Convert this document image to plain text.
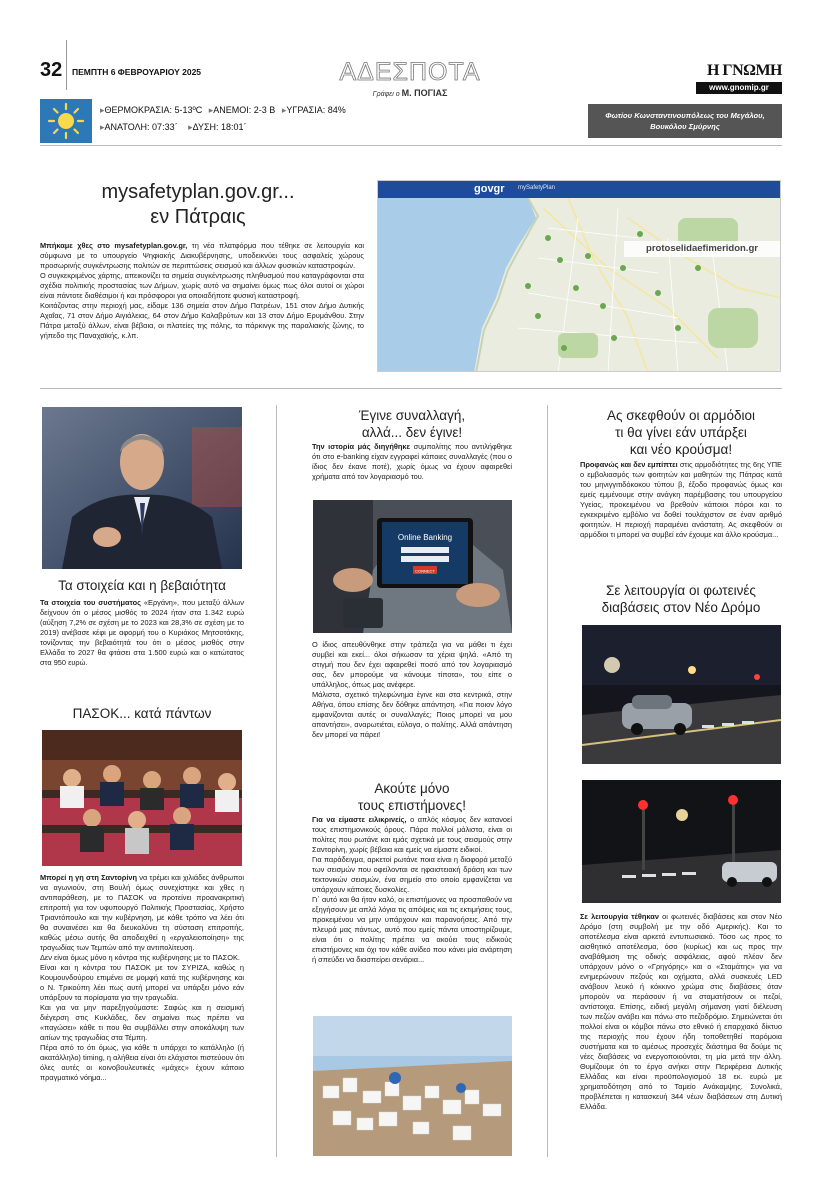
32 ΠΕΜΠΤΗ 6 ΦΕΒΡΟΥΑΡΙΟΥ 2025	ΑΔΕΣΠΟΤΑ
Γράφει ο Μ. ΠΟΓΙΑΣ
Η ΓΝΩΜΗ
www.gnomip.gr
▸ΘΕΡΜΟΚΡΑΣΙΑ: 5-13ºC ▸ΑΝΕΜΟΙ: 2-3 Β ▸ΥΓΡΑΣΙΑ: 84%
▸ΑΝΑΤΟΛΗ: 07:33΄ ▸ΔΥΣΗ: 18:01΄
Φωτίου Κωνσταντινουπόλεως του Μεγάλου, Βουκόλου Σμύρνης
mysafetyplan.gov.gr...
εν Πάτραις

Μπήκαμε χθες στο mysafetyplan.gov.gr, τη νέα πλατφόρμα που τέθηκε σε λειτουργία και σύμφωνα με το υπουργείο Ψηφιακής Διακυβέρνησης, υποδεικνύει τους ασφαλείς χώρους προσωρινής συγκέντρωσης πολιτών σε περιπτώσεις σεισμού και άλλων φυσικών καταστροφών.

Ο συγκεκριμένος χάρτης, απεικονίζει τα σημεία συγκέντρωσης πληθυσμού που καταγράφονται στα σχέδια πολιτικής προστασίας των Δήμων, χωρίς αυτό να σημαίνει όμως πως όλοι αυτοί οι χώροι είναι πάντοτε διαθέσιμοι ή και πρόσφοροι για οποιαδήποτε φυσική καταστροφή.

Κοιτάζοντας στην περιοχή μας, είδαμε 136 σημεία στον Δήμο Πατρέων, 151 στον Δήμο Δυτικής Αχαΐας, 71 στον Δήμο Αιγιάλειας, 64 στον Δήμο Καλαβρύτων και 13 στον Δήμο Ερυμάνθου. Στην Πάτρα μεταξύ άλλων, είναι βέβαια, οι πλατείες της πόλης, τα πάρκινγκ της παραλιακής ζώνης, το γήπεδο της Παναχαϊκής, κ.λπ.

govgr mySafetyPlan
protoselidaefimeridon.gr
Τα στοιχεία και η βεβαιότητα

Τα στοιχεία του συστήματος «Εργάνη», που μεταξύ άλλων δείχνουν ότι ο μέσος μισθός το 2024 ήταν στα 1.342 ευρώ (αύξηση 7,2% σε σχέση με το 2023 και 28,3% σε σχέση με το 2019) ανέβασε κέφι με αφορμή του ο Κυριάκος Μητσοτάκης, τονίζοντας την βεβαιότητά του ότι ο μέσος μισθός στην Ελλάδα το 2027 θα φτάσει στα 1.500 ευρώ και ο κατώτατος στα 950 ευρώ.

ΠΑΣΟΚ... κατά πάντων

Μπορεί η γη στη Σαντορίνη να τρέμει και χιλιάδες άνθρωποι να αγωνιούν, στη Βουλή όμως συνεχίστηκε και χθες η αντιπαράθεση, με το ΠΑΣΟΚ να προτείνει προανακριτική επιτροπή για τον υφυπουργό Πολιτικής Προστασίας, Χρήστο Τριαντόπουλο και την κυβέρνηση, με κάθε τρόπο να λέει ότι θα συναινέσει και θα διευκολύνει τη σύσταση επιτροπής, καθώς μέσω αυτής θα αποδειχθεί η «εργαλειοποίηση» της τραγωδίας των Τεμπών από την αντιπολίτευση.

Δεν είναι όμως μόνο η κόντρα της κυβέρνησης με το ΠΑΣΟΚ.

Είναι και η κόντρα του ΠΑΣΟΚ με τον ΣΥΡΙΖΑ, καθώς η Κουμουνδούρου επιμένει σε μομφή κατά της κυβέρνησης και ο Ν. Τρικούπη λέει πως αυτή μπορεί να υπάρξει μόνο εάν υπάρξουν τα πορίσματα για την τραγωδία.

Και για να μην παρεξηγούμαστε: Σαφώς και η σεισμική διέγερση στις Κυκλάδες, δεν σημαίνει πως πρέπει να «παγώσει» κάθε τι που θα συμβάλλει στην αποκάλυψη των αιτίων της τραγωδίας στα Τέμπη.

Πέρα από το ότι όμως, για κάθε τι υπάρχει το κατάλληλο (ή ακατάλληλο) timing, η αλήθεια είναι ότι ελάχιστοι πιστεύουν ότι όλες αυτές οι κοινοβουλευτικές «μάχες» έχουν κάποιο πραγματικό νόημα...

Έγινε συναλλαγή,
αλλά... δεν έγινε!

Την ιστορία μάς διηγήθηκε συμπολίτης που αντιλήφθηκε ότι στο e-banking είχαν εγγραφεί κάποιες συναλλαγές (που ο ίδιος δεν έκανε ποτέ), χωρίς όμως να έχουν αφαιρεθεί χρήματα από τον λογαριασμό του.

Online Banking
CONNECT

Ο ίδιος απευθύνθηκε στην τράπεζα για να μάθει τι έχει συμβεί και εκεί... όλοι σήκωσαν τα χέρια ψηλά. «Από τη στιγμή που δεν έχει αφαιρεθεί ποσό από τον λογαριασμό σας, δεν μπορούμε να κάνουμε τίποτα», του είπε ο υπάλληλος, όπως μας ανέφερε.

Μάλιστα, σχετικό τηλεφώνημα έγινε και στα κεντρικά, στην Αθήνα, όπου επίσης δεν δόθηκε απάντηση. «Για ποιον λόγο εμφανίζονται αυτές οι συναλλαγές; Ποιος μπορεί να μου απαντήσει», αναρωτιέται, εύλογα, ο πολίτης. Αλλά απάντηση δεν μπορεί να πάρει!

Ακούτε μόνο
τους επιστήμονες!

Για να είμαστε ειλικρινείς, ο απλός κόσμος δεν κατανοεί τους επιστημονικούς όρους. Πάρα πολλοί μάλιστα, είναι οι πολίτες που ρωτάνε και εμάς σχετικά με τους σεισμούς στην Σαντορίνη, χωρίς βέβαια και εμείς να είμαστε ειδικοί.

Για παράδειγμα, αρκετοί ρωτάνε ποια είναι η διαφορά μεταξύ των σεισμών που οφείλονται σε ηφαιστειακή δράση και των τεκτονικών σεισμών, ένα σημείο στο οποίο εμφανίζεται να υπάρχουν κάποιες δυσκολίες.

Γι΄ αυτό και θα ήταν καλό, οι επιστήμονες να προσπαθούν να εξηγήσουν με απλά λόγια τις απόψεις και τις εκτιμήσεις τους, προκειμένου να μην υπάρχουν και παρανοήσεις. Από την πλευρά μας πάντως, αυτό που εμείς πάντα υποστηρίζουμε, είναι ότι ο πολίτης πρέπει να ακούει τους ειδικούς επιστήμονες και όχι τον κάθε ανίδεο που κάνει μία ανάρτηση ή σπεύδει να διασπείρει σενάρια...

Ας σκεφθούν οι αρμόδιοι
τι θα γίνει εάν υπάρξει
και νέο κρούσμα!

Προφανώς και δεν εμπίπτει στις αρμοδιότητες της 6ης ΥΠΕ ο εμβολιασμός των φοιτητών και μαθητών της Πάτρας κατά του μηνιγγιτιδόκοκου τύπου β, έξοδο προφανώς όμως και εμείς εμμένουμε στην ανάγκη παρέμβασης του υπουργείου Υγείας, προκειμένου να βρεθούν κάποιοι πόροι και το εγκεκριμένο εμβόλιο να δοθεί τουλάχιστον σε έναν αριθμό φοιτητών. Η περιοχή παραμένει ανάστατη. Ας σκεφθούν οι αρμόδιοι τι μπορεί να συμβεί εάν έχουμε και άλλο κρούσμα...

Σε λειτουργία οι φωτεινές
διαβάσεις στον Νέο Δρόμο

Σε λειτουργία τέθηκαν οι φωτεινές διαβάσεις και στον Νέο Δρόμο (στη συμβολή με την οδό Αμερικής). Και το αποτέλεσμα είναι αρκετά εντυπωσιακό. Τόσο ως προς το αισθητικό αποτέλεσμα, όσο (κυρίως) και ως προς την αναβάθμιση της οδικής ασφάλειας, αφού πλέον δεν υπάρχουν μόνο ο «Γρηγόρης» και ο «Σταμάτης» για να ενημερώνουν πεζούς και οχήματα, αλλά συσκευές LED ανάβουν λευκό ή κόκκινο χρώμα στις διαβάσεις όταν μπορούν να περάσουν ή να σταματήσουν οι πεζοί, αντίστοιχα. Επίσης, ειδική μεγάλη σήμανση γιατί διέλευση των πεζών ανάβει και πάνω στο πεζοδρόμιο. Σημειώνεται ότι πολλοί είναι οι κόμβοι πάνω στο εθνικό ή επαρχιακό δίκτυο της περιοχής που έχουν ήδη τοποθετηθεί παρόμοια συστήματα και το αμέσως προσεχές διάστημα θα δούμε τις νέες διαβάσεις να ενεργοποιούνται, τη μία μετά την άλλη. Θυμίζουμε ότι το έργο ανήκει στην Περιφέρεια Δυτικής Ελλάδας και είναι προϋπολογισμού 18 εκ. ευρώ με χρηματοδότηση από το Ταμείο Ανάκαμψης. Συνολικά, προβλέπεται η κατασκευή 344 νέων διαβάσεων στη Δυτική Ελλάδα.
